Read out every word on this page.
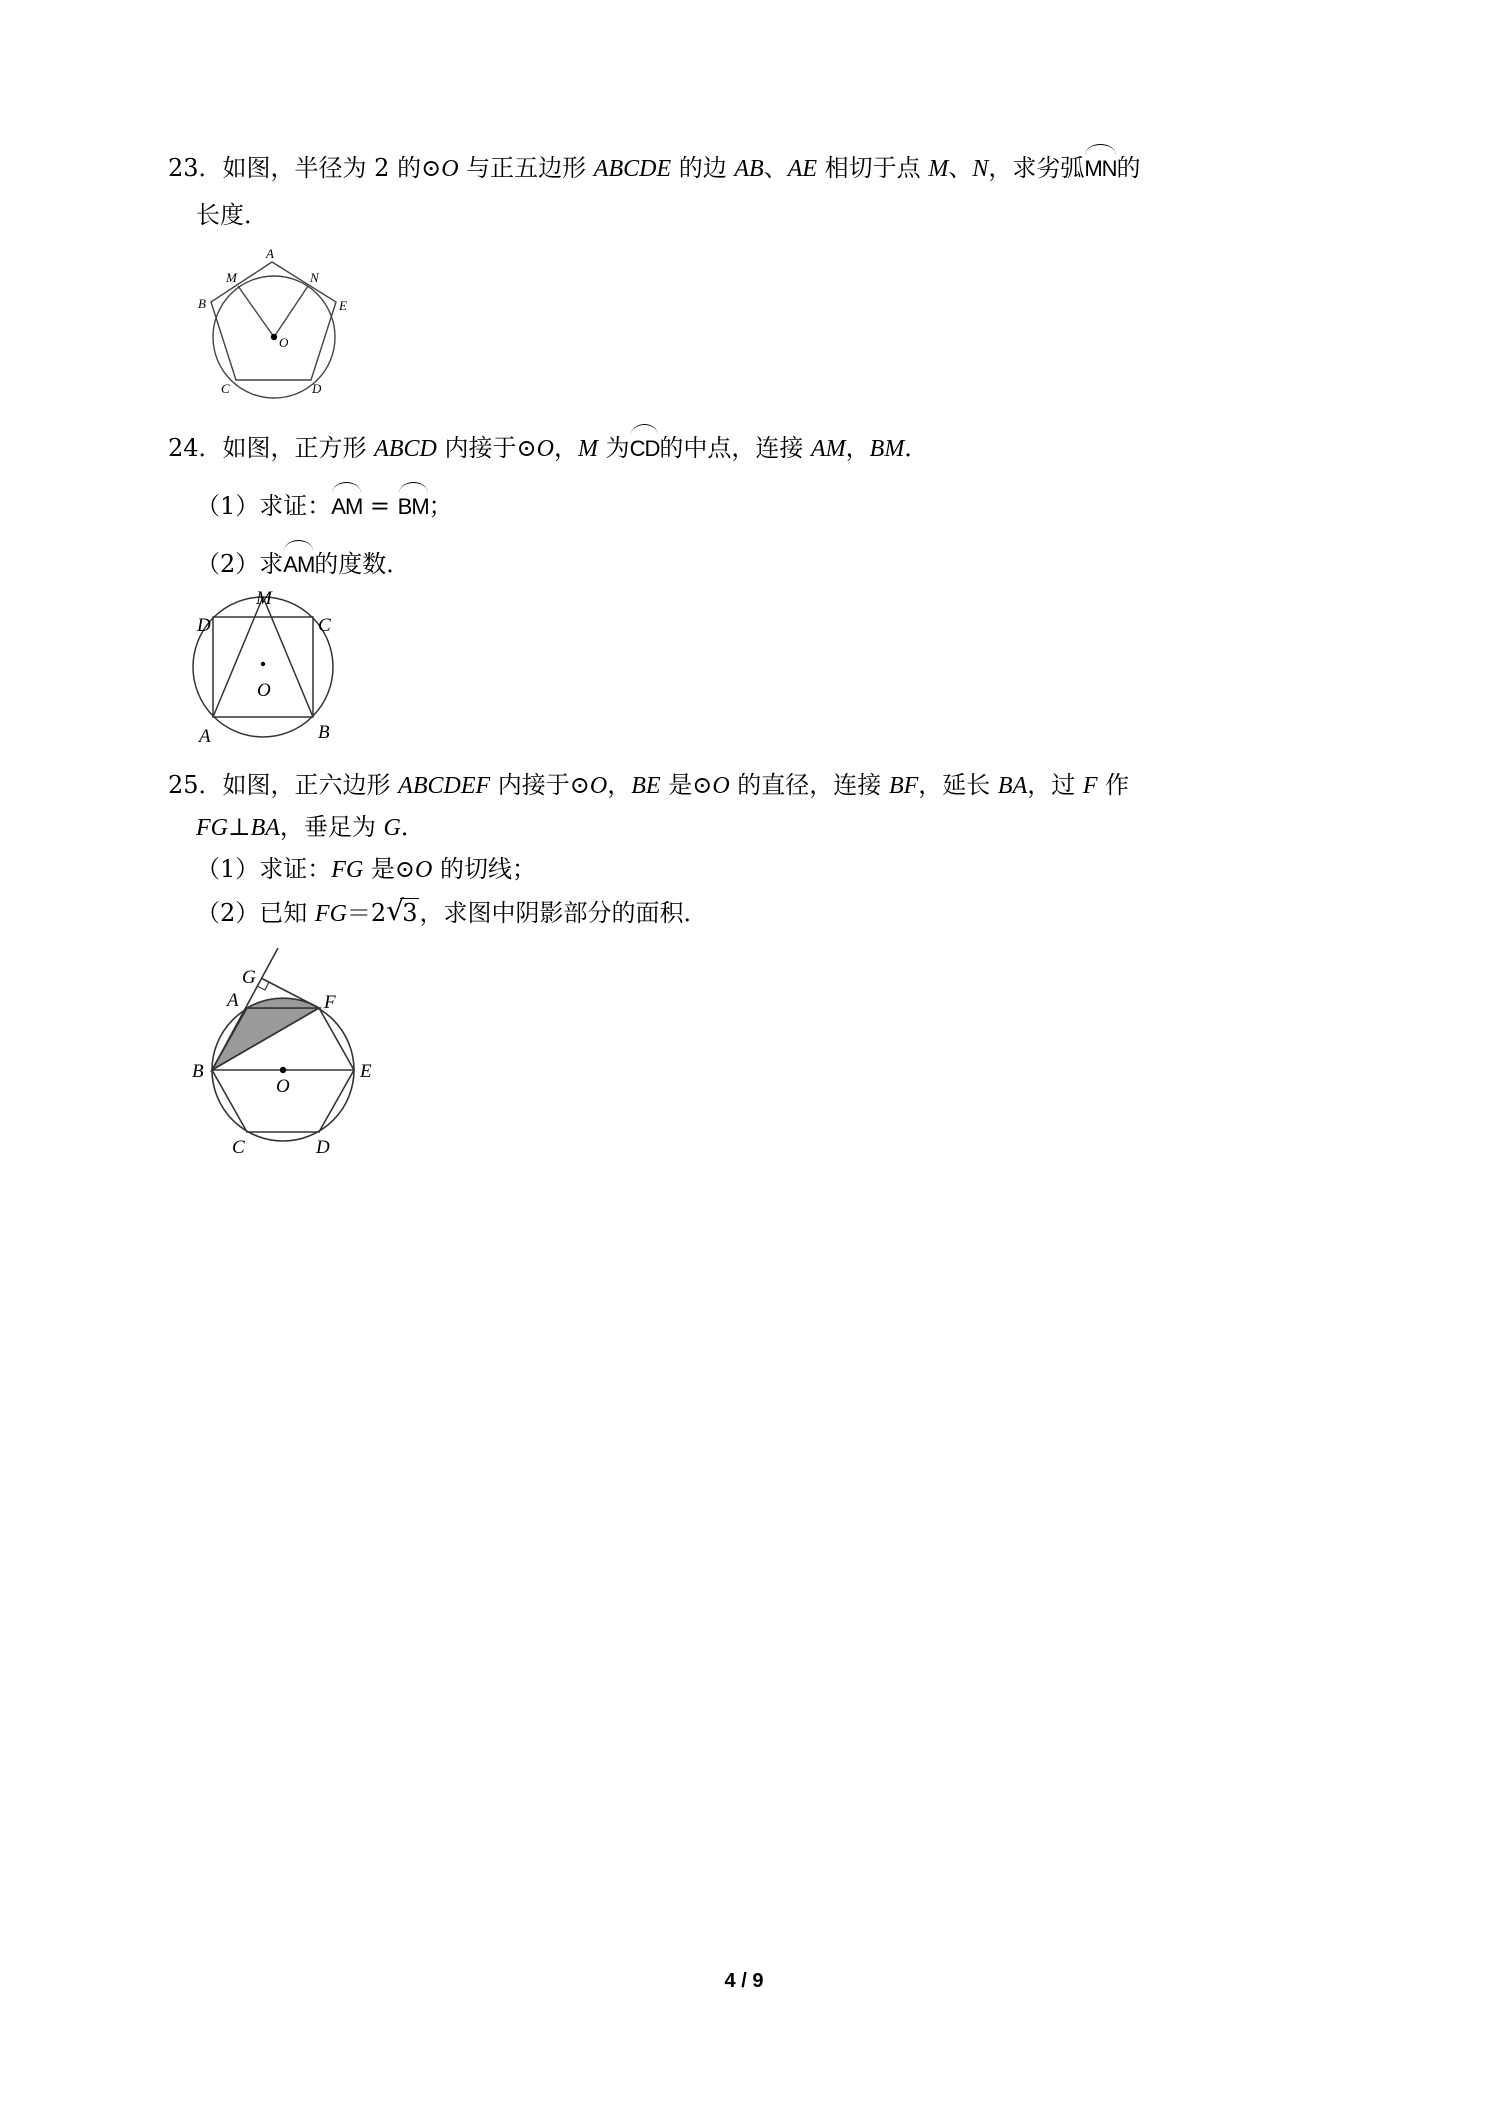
23．如图，半径为 2 的⊙O 与正五边形 ABCDE 的边 AB、AE 相切于点 M、N，求劣弧MN的
长度．
A
M	N
B	E
O
C	D
24．如图，正方形 ABCD 内接于⊙O，M 为CD的中点，连接 AM，BM．
（1）求证：AM = BM；
（2）求AM的度数．
M
D	C
O
A	B
25．如图，正六边形 ABCDEF 内接于⊙O，BE 是⊙O 的直径，连接 BF，延长 BA，过 F 作
FG⊥BA，垂足为 G．
（1）求证：FG 是⊙O 的切线；
（2）已知 FG＝2 √
3，求图中阴影部分的面积．
G
A	F
B
O
E
C	D
4 / 9
